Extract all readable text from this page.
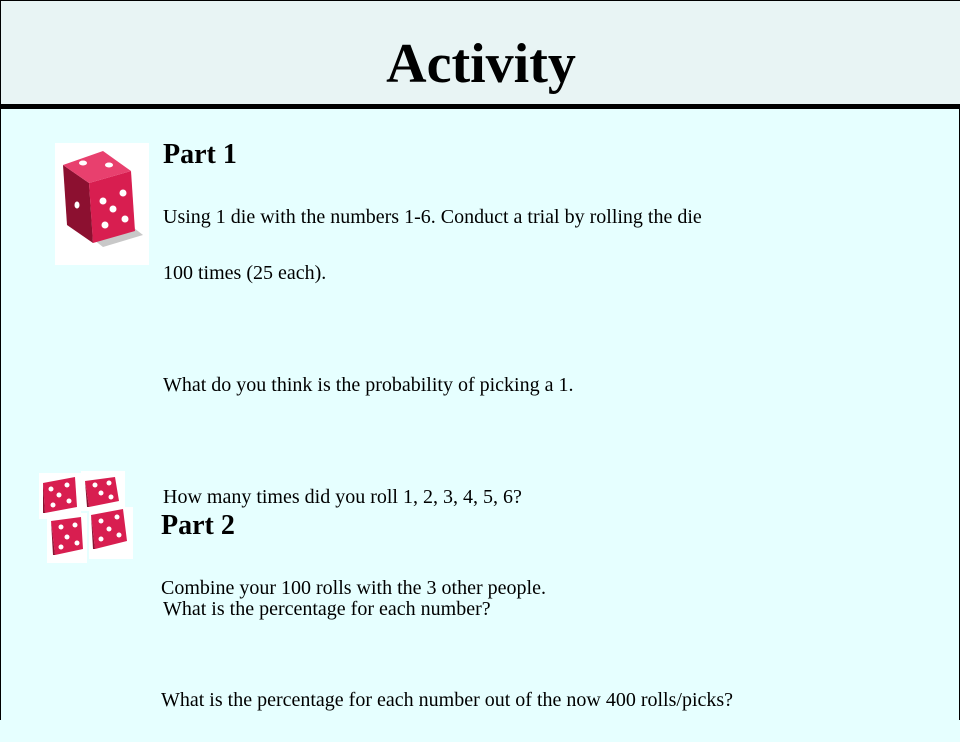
Activity
Part 1

Using 1 die with the numbers 1-6. Conduct a trial by rolling the die

100 times (25 each).

What do you think is the probability of picking a 1.

How many times did you roll 1, 2, 3, 4, 5, 6?

What is the percentage for each number?

Part 2

Combine your 100 rolls with the 3 other people.

What is the percentage for each number out of the now 400 rolls/picks?
